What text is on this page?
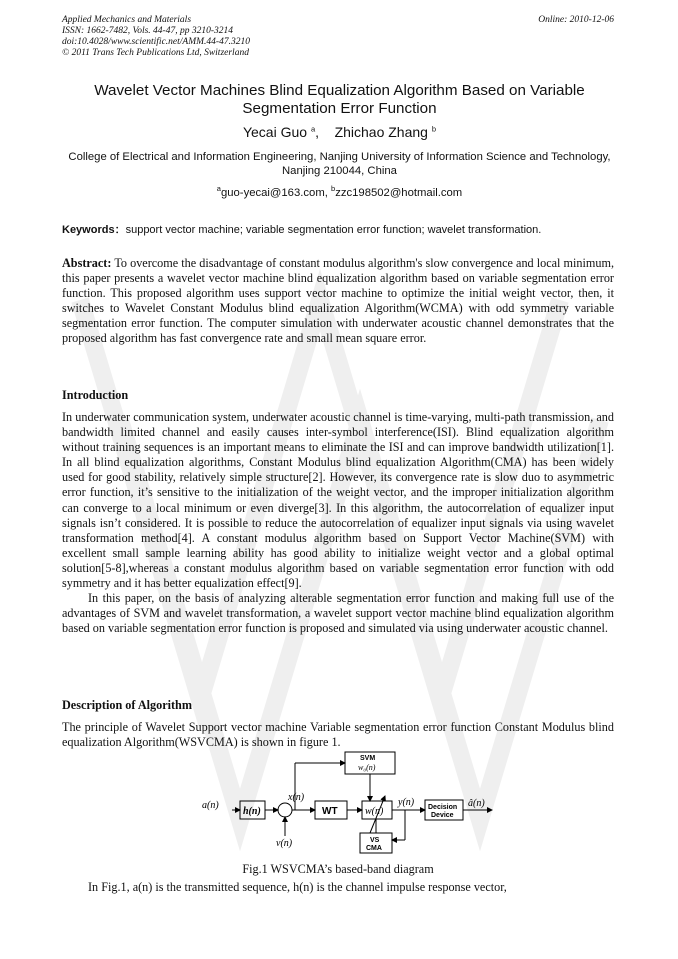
Applied Mechanics and Materials
ISSN: 1662-7482, Vols. 44-47, pp 3210-3214
doi:10.4028/www.scientific.net/AMM.44-47.3210
© 2011 Trans Tech Publications Ltd, Switzerland
Online: 2010-12-06
Wavelet Vector Machines Blind Equalization Algorithm Based on Variable Segmentation Error Function
Yecai Guo $^a$, Zhichao Zhang $^b$
College of Electrical and Information Engineering, Nanjing University of Information Science and Technology, Nanjing 210044, China
$^a$guo-yecai@163.com, $^b$zzc198502@hotmail.com
Keywords：support vector machine; variable segmentation error function; wavelet transformation.
Abstract: To overcome the disadvantage of constant modulus algorithm's slow convergence and local minimum, this paper presents a wavelet vector machine blind equalization algorithm based on variable segmentation error function. This proposed algorithm uses support vector machine to optimize the initial weight vector, then, it switches to Wavelet Constant Modulus blind equalization Algorithm(WCMA) with odd symmetry variable segmentation error function. The computer simulation with underwater acoustic channel demonstrates that the proposed algorithm has fast convergence rate and small mean square error.
Introduction
In underwater communication system, underwater acoustic channel is time-varying, multi-path transmission, and bandwidth limited channel and easily causes inter-symbol interference(ISI). Blind equalization algorithm without training sequences is an important means to eliminate the ISI and can improve bandwidth utilization[1]. In all blind equalization algorithms, Constant Modulus blind equalization Algorithm(CMA) has been widely used for good stability, relatively simple structure[2]. However, its convergence rate is slow duo to asymmetric error function, it’s sensitive to the initialization of the weight vector, and the improper initialization algorithm can converge to a local minimum or even diverge[3]. In this algorithm, the autocorrelation of equalizer input signals isn’t considered. It is possible to reduce the autocorrelation of equalizer input signals via using wavelet transformation method[4]. A constant modulus algorithm based on Support Vector Machine(SVM) with excellent small sample learning ability has good ability to initialize weight vector and a global optimal solution[5-8],whereas a constant modulus algorithm based on variable segmentation error function with odd symmetry and it has better equalization effect[9].
In this paper, on the basis of analyzing alterable segmentation error function and making full use of the advantages of SVM and wavelet transformation, a wavelet support vector machine blind equalization algorithm based on variable segmentation error function is proposed and simulated via using underwater acoustic channel.
Description of Algorithm
The principle of Wavelet Support vector machine Variable segmentation error function Constant Modulus blind equalization Algorithm(WSVCMA) is shown in figure 1.
a(n)
h(n)
x(n)
v(n)
w(n)
y(n)	â(n)
w₀(n)
WT
SVM
Decision
Device
VS
CMA
Fig.1 WSVCMA’s based-band diagram
In Fig.1, a(n) is the transmitted sequence, h(n) is the channel impulse response vector,
